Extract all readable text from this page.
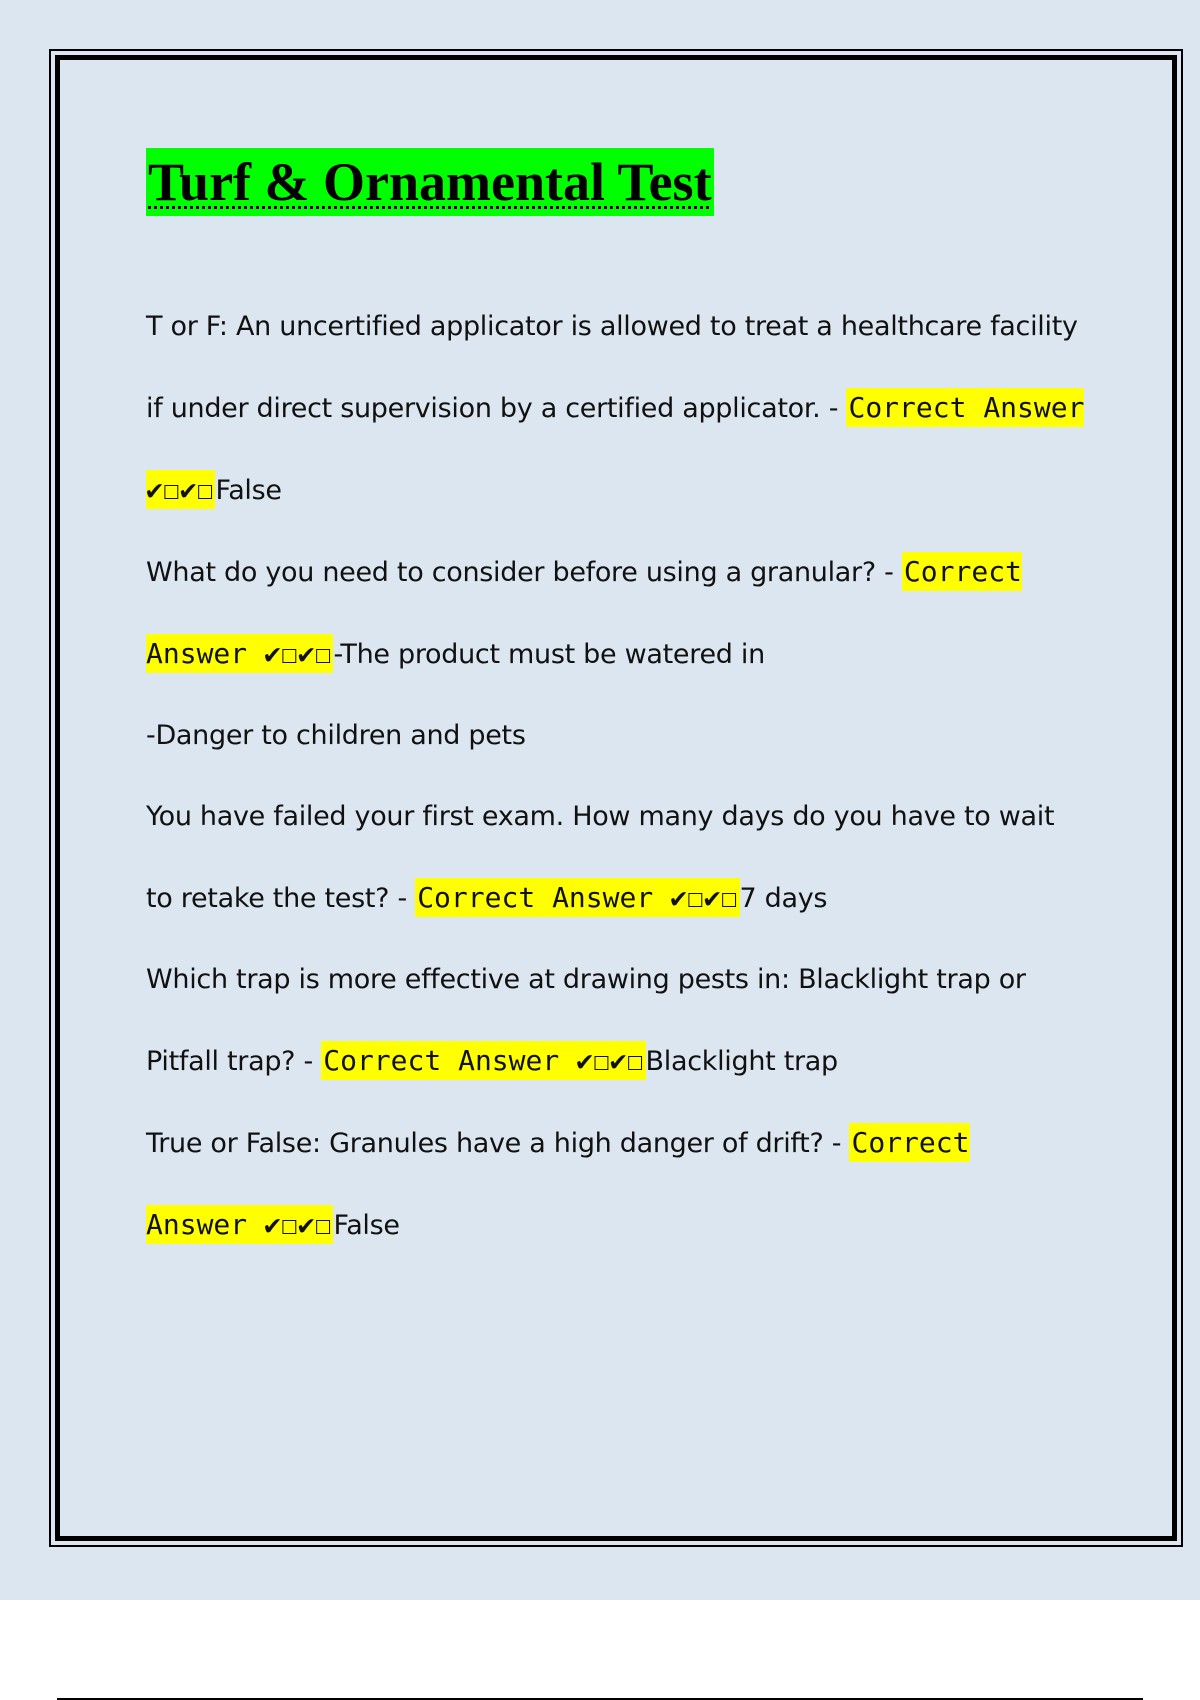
Turf & Ornamental Test

T or F: An uncertified applicator is allowed to treat a healthcare facility if under direct supervision by a certified applicator. - Correct Answer ✔☐✔☐False

What do you need to consider before using a granular? - Correct Answer ✔☐✔☐-The product must be watered in

-Danger to children and pets

You have failed your first exam. How many days do you have to wait to retake the test? - Correct Answer ✔☐✔☐7 days

Which trap is more effective at drawing pests in: Blacklight trap or Pitfall trap? - Correct Answer ✔☐✔☐Blacklight trap

True or False: Granules have a high danger of drift? - Correct Answer ✔☐✔☐False
